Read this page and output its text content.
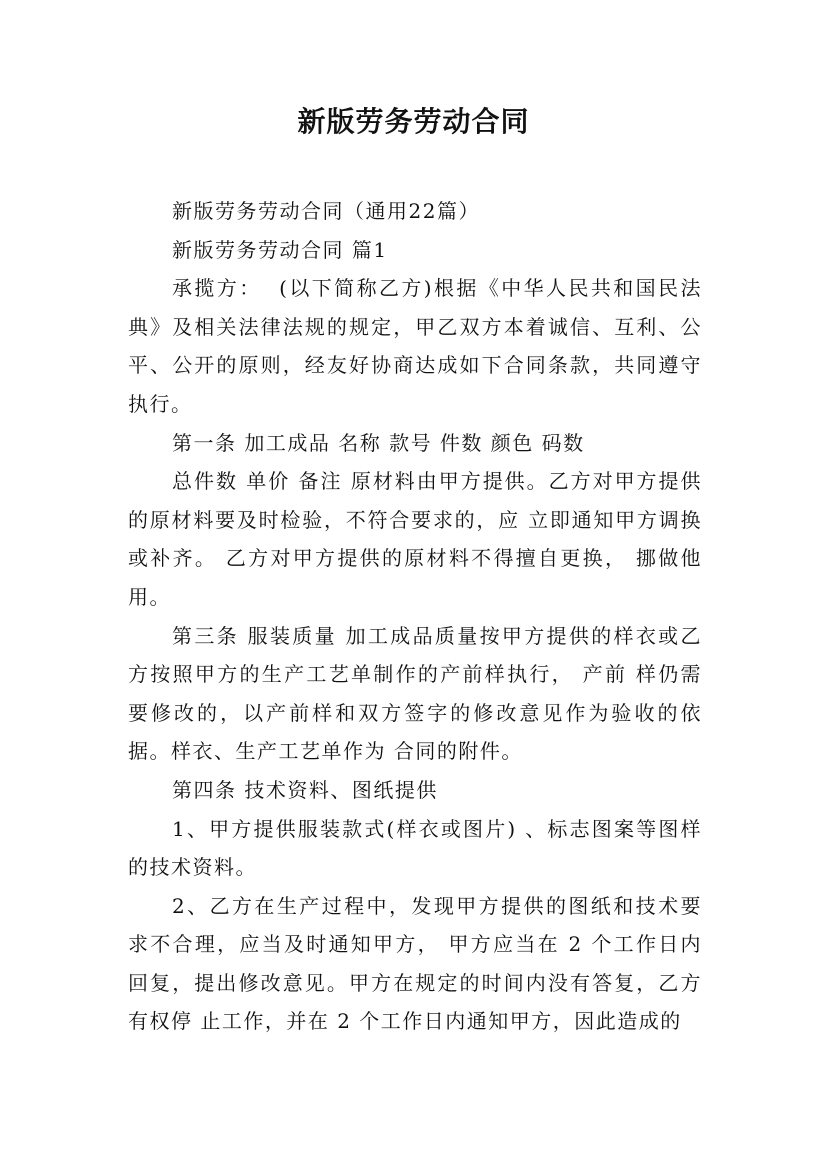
新版劳务劳动合同

新版劳务劳动合同（通用22篇）

新版劳务劳动合同 篇1

承揽方：  (以下简称乙方)根据《中华人民共和国民法典》及相关法律法规的规定，甲乙双方本着诚信、互利、公平、公开的原则，经友好协商达成如下合同条款，共同遵守执行。

第一条 加工成品 名称 款号 件数 颜色 码数

总件数 单价 备注 原材料由甲方提供。乙方对甲方提供的原材料要及时检验，不符合要求的，应 立即通知甲方调换或补齐。 乙方对甲方提供的原材料不得擅自更换， 挪做他用。

第三条 服装质量 加工成品质量按甲方提供的样衣或乙方按照甲方的生产工艺单制作的产前样执行， 产前 样仍需要修改的，以产前样和双方签字的修改意见作为验收的依据。样衣、生产工艺单作为 合同的附件。

第四条 技术资料、图纸提供

1、甲方提供服装款式(样衣或图片) 、标志图案等图样的技术资料。

2、乙方在生产过程中，发现甲方提供的图纸和技术要求不合理，应当及时通知甲方， 甲方应当在 2 个工作日内回复，提出修改意见。甲方在规定的时间内没有答复，乙方有权停 止工作，并在 2 个工作日内通知甲方，因此造成的
